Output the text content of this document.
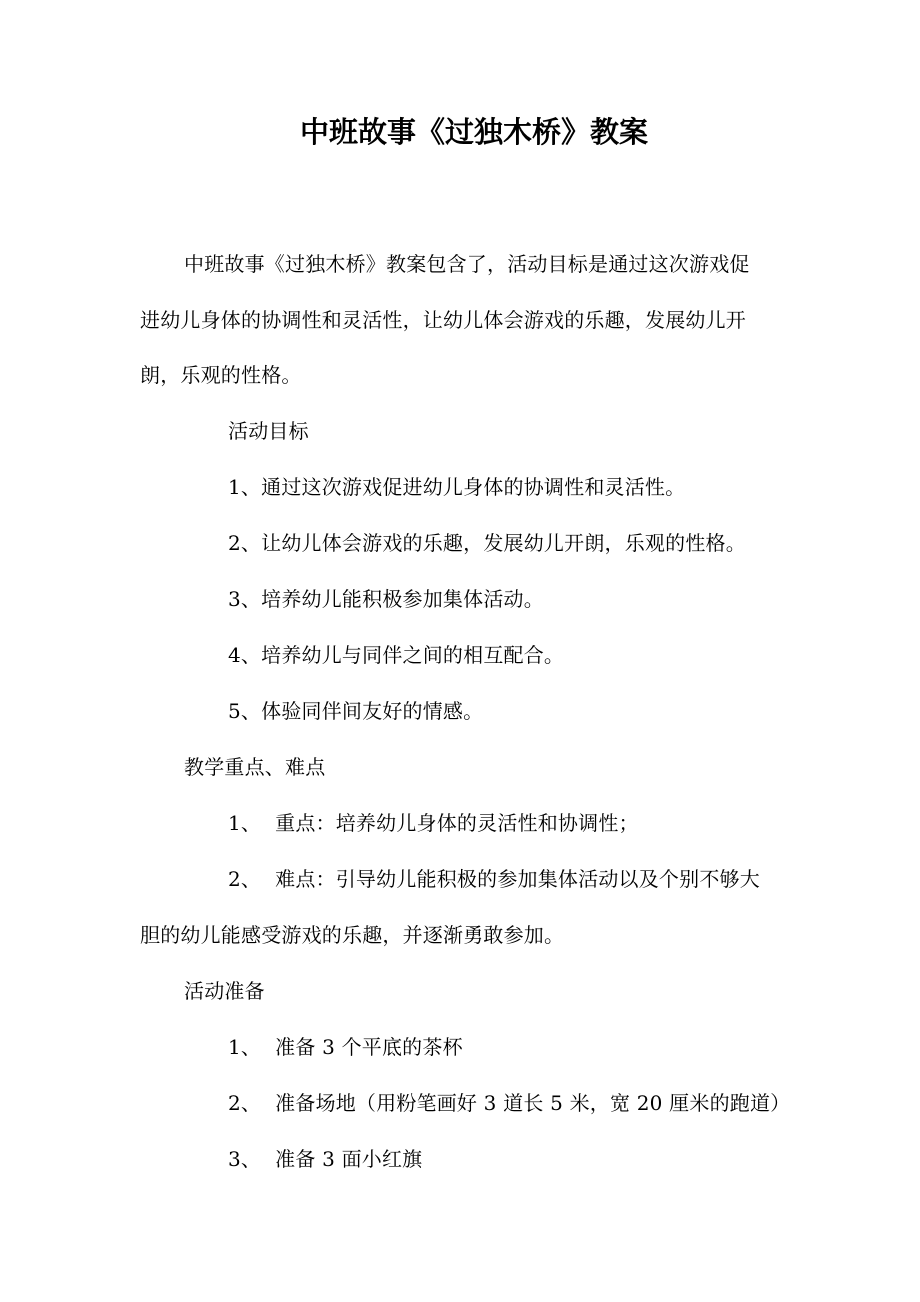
中班故事《过独木桥》教案
中班故事《过独木桥》教案包含了，活动目标是通过这次游戏促
进幼儿身体的协调性和灵活性，让幼儿体会游戏的乐趣，发展幼儿开
朗，乐观的性格。
活动目标
1、通过这次游戏促进幼儿身体的协调性和灵活性。
2、让幼儿体会游戏的乐趣，发展幼儿开朗，乐观的性格。
3、培养幼儿能积极参加集体活动。
4、培养幼儿与同伴之间的相互配合。
5、体验同伴间友好的情感。
教学重点、难点
1、 重点：培养幼儿身体的灵活性和协调性；
2、 难点：引导幼儿能积极的参加集体活动以及个别不够大
胆的幼儿能感受游戏的乐趣，并逐渐勇敢参加。
活动准备
1、 准备 3 个平底的茶杯
2、 准备场地（用粉笔画好 3 道长 5 米，宽 20 厘米的跑道）
3、 准备 3 面小红旗
